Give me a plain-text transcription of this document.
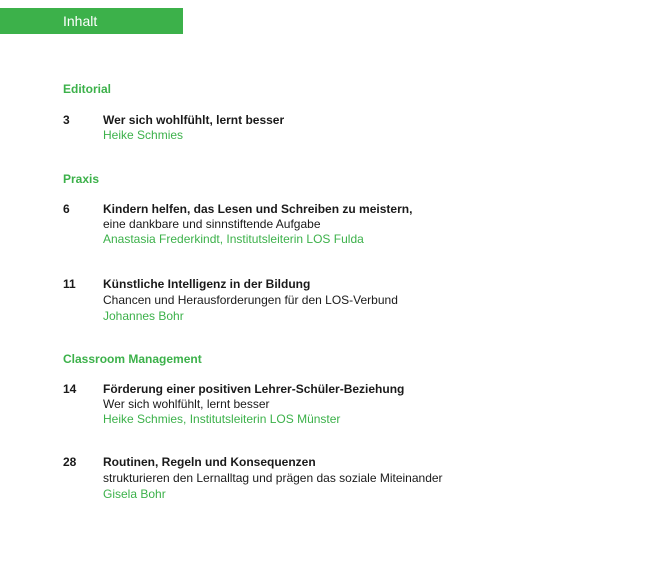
Inhalt
Editorial
3	Wer sich wohlfühlt, lernt besser
Heike Schmies
Praxis
6	Kindern helfen, das Lesen und Schreiben zu meistern,
eine dankbare und sinnstiftende Aufgabe
Anastasia Frederkindt, Institutsleiterin LOS Fulda
11 Künstliche Intelligenz in der Bildung
Chancen und Herausforderungen für den LOS-Verbund
Johannes Bohr
Classroom Management
14 Förderung einer positiven Lehrer-Schüler-Beziehung
Wer sich wohlfühlt, lernt besser
Heike Schmies, Institutsleiterin LOS Münster
28 Routinen, Regeln und Konsequenzen
strukturieren den Lernalltag und prägen das soziale Miteinander
Gisela Bohr
